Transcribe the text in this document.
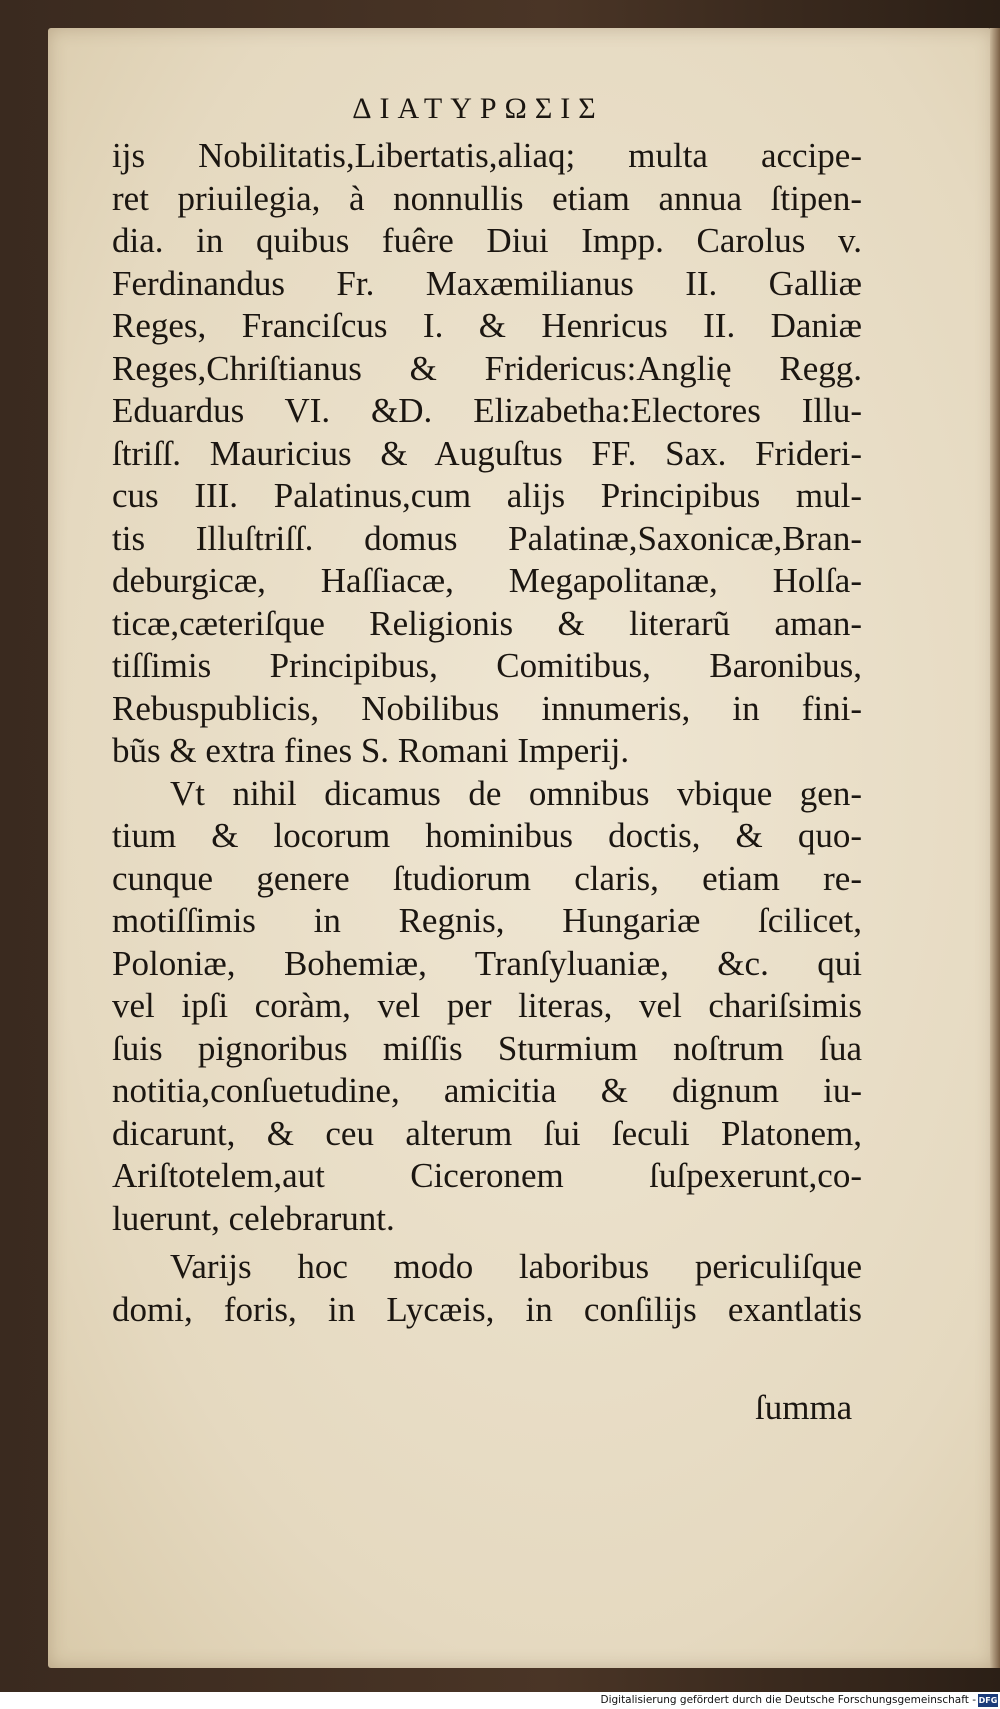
ΔΙΑΤΥΡΩΣΙΣ
ijs Nobilitatis,Libertatis,aliaq; multa accipe-
ret priuilegia, à nonnullis etiam annua ſtipen-
dia. in quibus fuêre Diui Impp. Carolus v.
Ferdinandus Fr. Maxæmilianus II. Galliæ
Reges, Franciſcus I. & Henricus II. Daniæ
Reges,Chriſtianus & Fridericus:Anglię Regg.
Eduardus VI. &D. Elizabetha:Electores Illu-
ſtriſſ. Mauricius & Auguſtus FF. Sax. Frideri-
cus III. Palatinus,cum alijs Principibus mul-
tis Illuſtriſſ. domus Palatinæ,Saxonicæ,Bran-
deburgicæ, Haſſiacæ, Megapolitanæ, Holſa-
ticæ,cæteriſque Religionis & literarũ aman-
tiſſimis Principibus, Comitibus, Baronibus,
Rebuspublicis, Nobilibus innumeris, in fini-
bũs & extra fines S. Romani Imperij.
Vt nihil dicamus de omnibus vbique gen-
tium & locorum hominibus doctis, & quo-
cunque genere ſtudiorum claris, etiam re-
motiſſimis in Regnis, Hungariæ ſcilicet,
Poloniæ, Bohemiæ, Tranſyluaniæ, &c. qui
vel ipſi coràm, vel per literas, vel chariſsimis
ſuis pignoribus miſſis Sturmium noſtrum ſua
notitia,conſuetudine, amicitia & dignum iu-
dicarunt, & ceu alterum ſui ſeculi Platonem,
Ariſtotelem,aut Ciceronem ſuſpexerunt,co-
luerunt, celebrarunt.
Varijs hoc modo laboribus periculiſque
domi, foris, in Lycæis, in conſilijs exantlatis
ſumma
Digitalisierung gefördert durch die Deutsche Forschungsgemeinschaft - DFG
